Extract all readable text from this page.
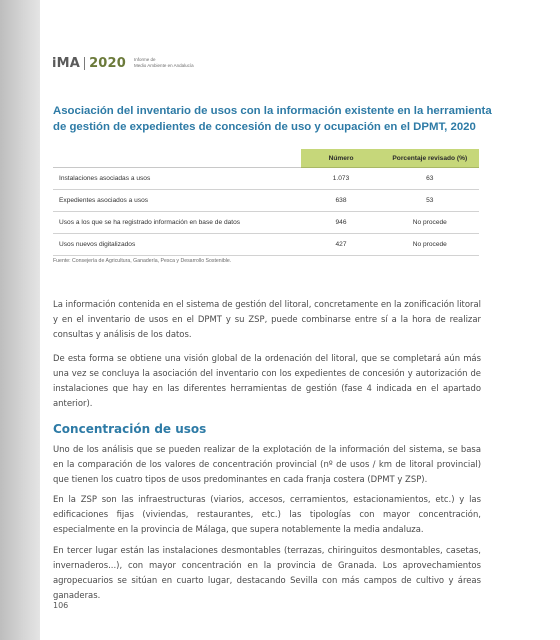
iMA 2020 Informe de
Medio Ambiente en Andalucía
Asociación del inventario de usos con la información existente en la herramienta de gestión de expedientes de concesión de uso y ocupación en el DPMT, 2020
	Número	Porcentaje revisado (%)
Instalaciones asociadas a usos	1.073	63
Expedientes asociados a usos	638	53
Usos a los que se ha registrado información en base de datos	946	No procede
Usos nuevos digitalizados	427	No procede
Fuente: Consejería de Agricultura, Ganadería, Pesca y Desarrollo Sostenible.

La información contenida en el sistema de gestión del litoral, concretamente en la zonificación litoral y en el inventario de usos en el DPMT y su ZSP, puede combinarse entre sí a la hora de realizar consultas y análisis de los datos.

De esta forma se obtiene una visión global de la ordenación del litoral, que se completará aún más una vez se concluya la asociación del inventario con los expedientes de concesión y autorización de instalaciones que hay en las diferentes herramientas de gestión (fase 4 indicada en el apartado anterior).

Concentración de usos

Uno de los análisis que se pueden realizar de la explotación de la información del sistema, se basa en la comparación de los valores de concentración provincial (nº de usos / km de litoral provincial) que tienen los cuatro tipos de usos predominantes en cada franja costera (DPMT y ZSP).

En la ZSP son las infraestructuras (viarios, accesos, cerramientos, estacionamientos, etc.) y las edificaciones fijas (viviendas, restaurantes, etc.) las tipologías con mayor concentración, especialmente en la provincia de Málaga, que supera notablemente la media andaluza.

En tercer lugar están las instalaciones desmontables (terrazas, chiringuitos desmontables, casetas, invernaderos...), con mayor concentración en la provincia de Granada. Los aprovechamientos agropecuarios se sitúan en cuarto lugar, destacando Sevilla con más campos de cultivo y áreas ganaderas.

106
